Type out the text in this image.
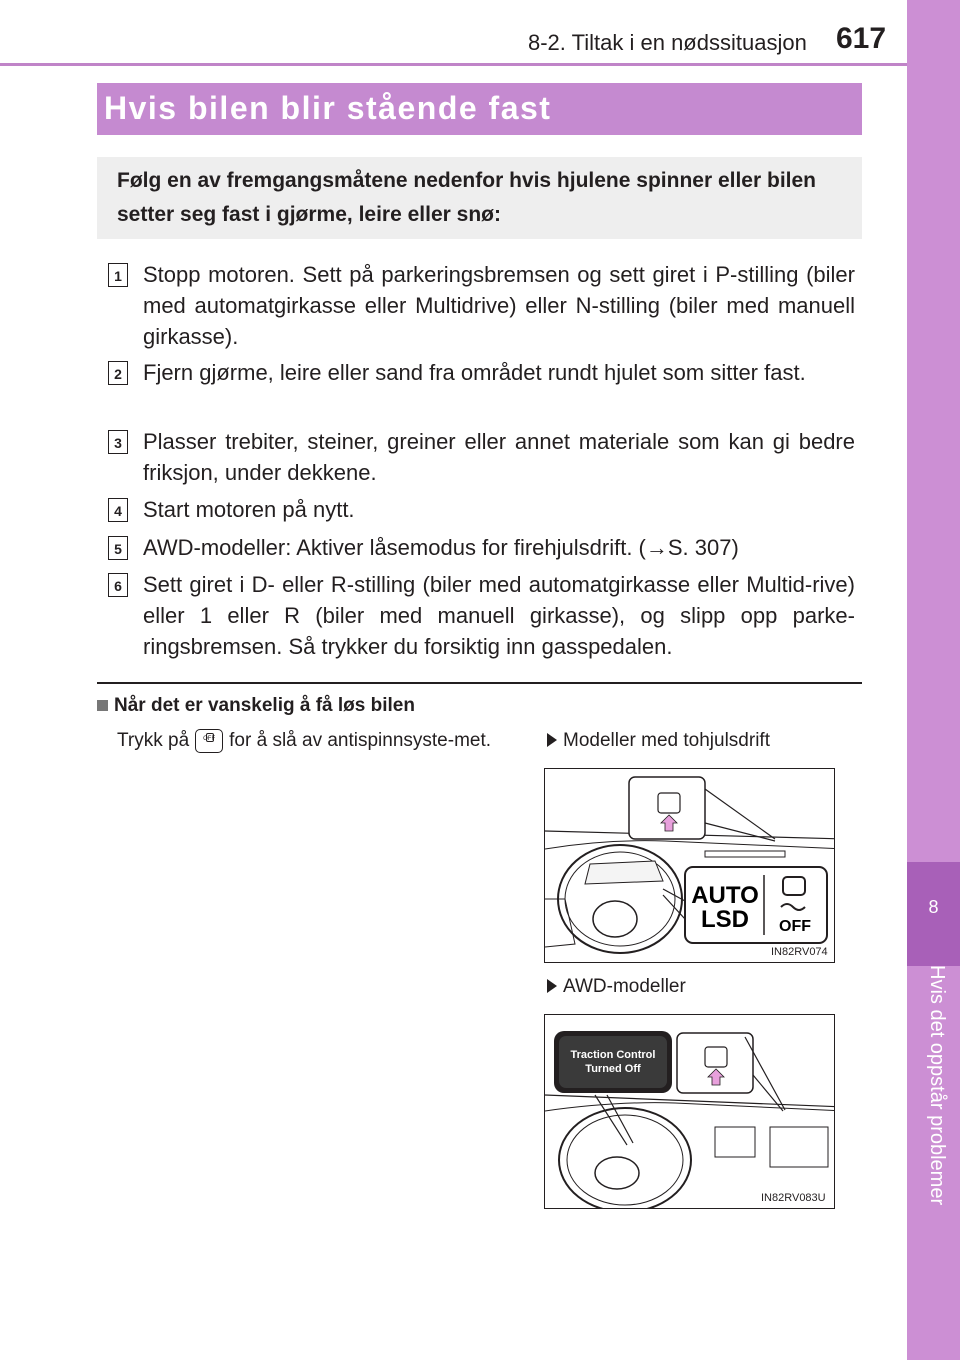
8-2. Tiltak i en nødssituasjon 617
8
Hvis det oppstår problemer
Hvis bilen blir stående fast
Følg en av fremgangsmåtene nedenfor hvis hjulene spinner eller bilen setter seg fast i gjørme, leire eller snø:
1 Stopp motoren. Sett på parkeringsbremsen og sett giret i P-stilling (biler med automatgirkasse eller Multidrive) eller N-stilling (biler med manuell girkasse).
2 Fjern gjørme, leire eller sand fra området rundt hjulet som sitter fast.
3 Plasser trebiter, steiner, greiner eller annet materiale som kan gi bedre friksjon, under dekkene.
4 Start motoren på nytt.
5 AWD-modeller: Aktiver låsemodus for firehjulsdrift. (→S. 307)
6 Sett giret i D- eller R-stilling (biler med automatgirkasse eller Multid-rive) eller 1 eller R (biler med manuell girkasse), og slipp opp parke-ringsbremsen. Så trykker du forsiktig inn gasspedalen.
Når det er vanskelig å få løs bilen
Trykk på	OFF for å slå av antispinnsyste-met.	Modeller med tohjulsdrift
AUTO
LSD OFF
IN82RV074
AWD-modeller
Traction Control
Turned Off
IN82RV083U
